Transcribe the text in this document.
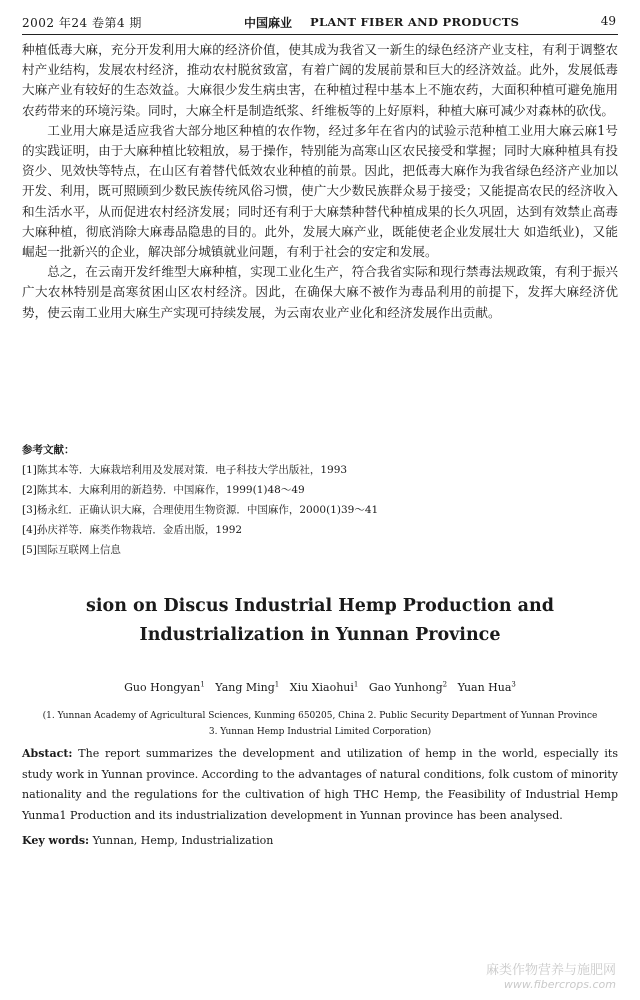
2002 年24 卷第4 期	中国麻业 PLANT FIBER AND PRODUCTS	49

种植低毒大麻，充分开发利用大麻的经济价值，使其成为我省又一新生的绿色经济产业支柱，有利于调整农村产业结构，发展农村经济，推动农村脱贫致富，有着广阔的发展前景和巨大的经济效益。此外，发展低毒大麻产业有较好的生态效益。大麻很少发生病虫害，在种植过程中基本上不施农药，大面积种植可避免施用农药带来的环境污染。同时，大麻全杆是制造纸浆、纤维板等的上好原料，种植大麻可减少对森林的砍伐。

工业用大麻是适应我省大部分地区种植的农作物，经过多年在省内的试验示范种植工业用大麻云麻1号的实践证明，由于大麻种植比较粗放，易于操作，特别能为高寒山区农民接受和掌握；同时大麻种植具有投资少、见效快等特点，在山区有着替代低效农业种植的前景。因此，把低毒大麻作为我省绿色经济产业加以开发、利用，既可照顾到少数民族传统风俗习惯，使广大少数民族群众易于接受；又能提高农民的经济收入和生活水平，从而促进农村经济发展；同时还有利于大麻禁种替代种植成果的长久巩固，达到有效禁止高毒大麻种植，彻底消除大麻毒品隐患的目的。此外，发展大麻产业，既能使老企业发展壮大 如造纸业)，又能崛起一批新兴的企业，解决部分城镇就业问题，有利于社会的安定和发展。

总之，在云南开发纤维型大麻种植，实现工业化生产，符合我省实际和现行禁毒法规政策，有利于振兴广大农林特别是高寒贫困山区农村经济。因此，在确保大麻不被作为毒品利用的前提下，发挥大麻经济优势，使云南工业用大麻生产实现可持续发展，为云南农业产业化和经济发展作出贡献。

参考文献：
[1]陈其本等．大麻栽培利用及发展对策．电子科技大学出版社，1993
[2]陈其本．大麻利用的新趋势．中国麻作，1999(1)48～49
[3]杨永红．正确认识大麻，合理使用生物资源．中国麻作，2000(1)39～41
[4]孙庆祥等．麻类作物栽培．金盾出版，1992
[5]国际互联网上信息
sion on Discus Industrial Hemp Production and
Industrialization in Yunnan Province
Guo Hongyan$^1$ Yang Ming$^1$ Xiu Xiaohui$^1$ Gao Yunhong$^2$ Yuan Hua$^3$
(1. Yunnan Academy of Agricultural Sciences, Kunming 650205, China 2. Public Security Department of Yunnan Province
3. Yunnan Hemp Industrial Limited Corporation)
Abstact: The report summarizes the development and utilization of hemp in the world, especially its study work in Yunnan province. According to the advantages of natural conditions, folk custom of minority nationality and the regulations for the cultivation of high THC Hemp, the Feasibility of Industrial Hemp Yunma1 Production and its industrialization development in Yunnan province has been analysed.
Key words: Yunnan, Hemp, Industrialization
麻类作物营养与施肥网
www.fibercrops.com
